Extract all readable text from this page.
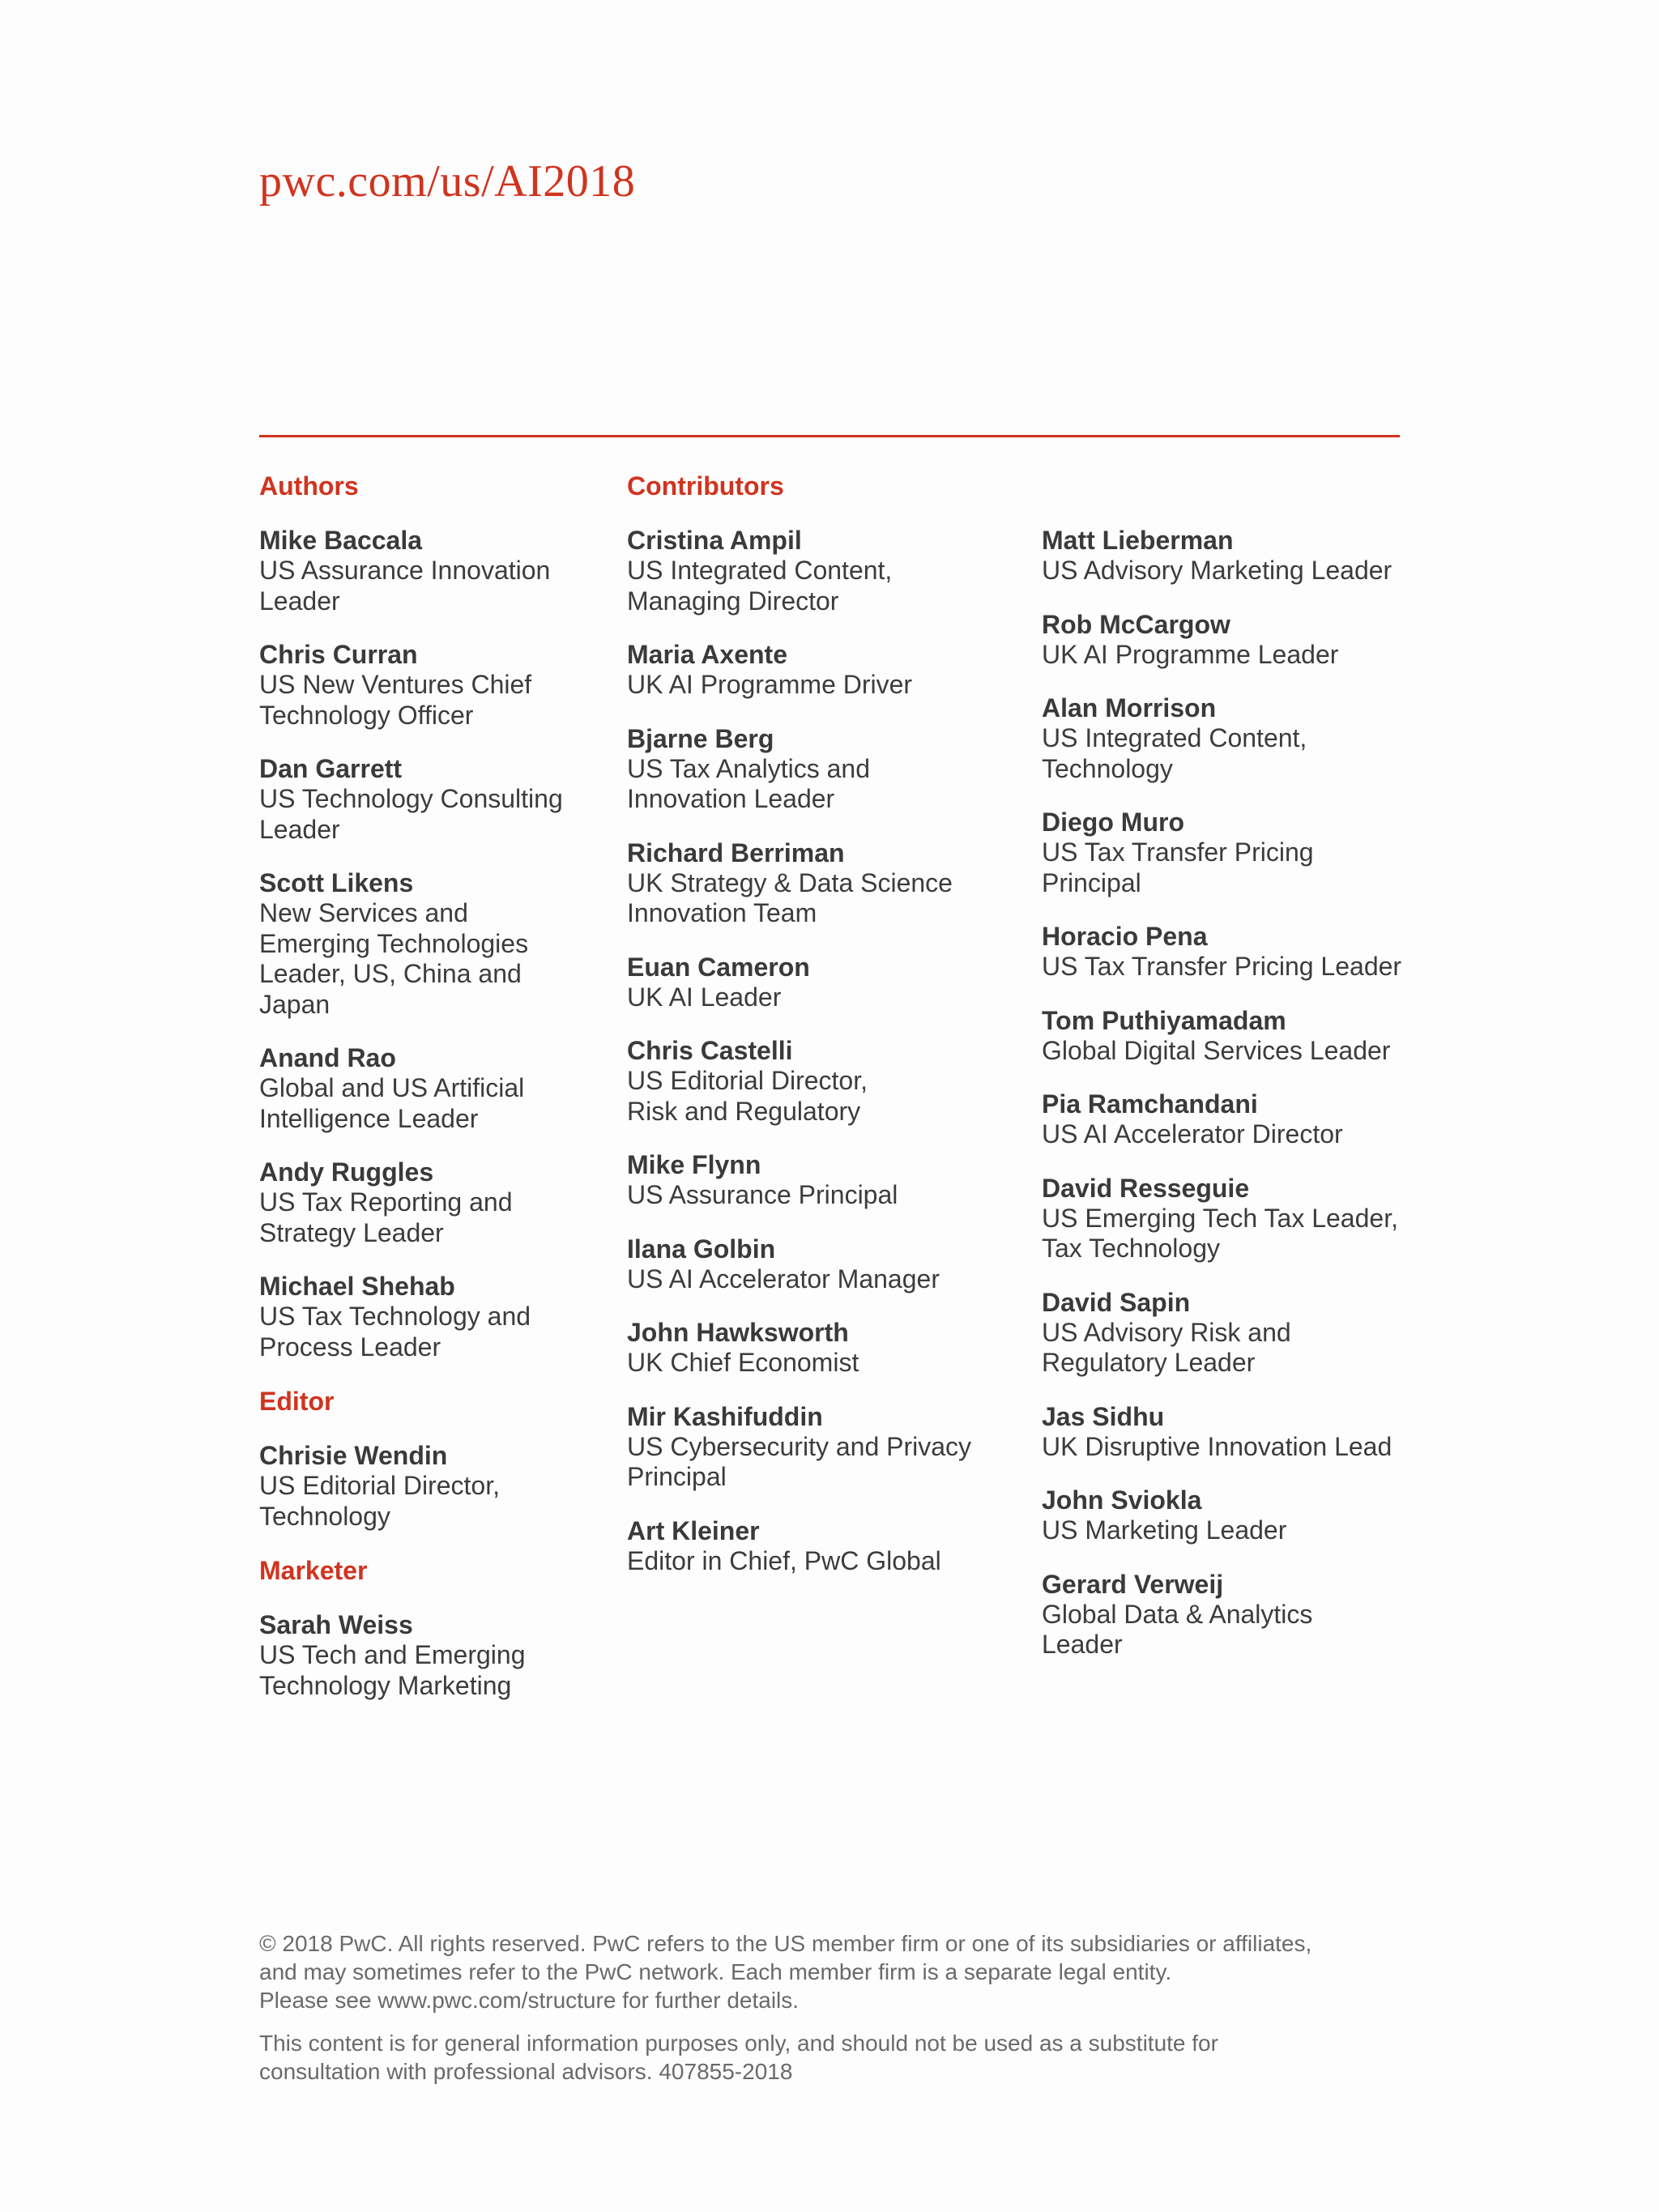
pwc.com/us/AI2018
Authors
Mike Baccala
US Assurance Innovation
Leader
Chris Curran
US New Ventures Chief
Technology Officer
Dan Garrett
US Technology Consulting
Leader
Scott Likens
New Services and
Emerging Technologies
Leader, US, China and
Japan
Anand Rao
Global and US Artificial
Intelligence Leader
Andy Ruggles
US Tax Reporting and
Strategy Leader
Michael Shehab
US Tax Technology and
Process Leader
Editor
Chrisie Wendin
US Editorial Director,
Technology
Marketer
Sarah Weiss
US Tech and Emerging
Technology Marketing
Contributors
Cristina Ampil
US Integrated Content,
Managing Director
Maria Axente
UK AI Programme Driver
Bjarne Berg
US Tax Analytics and
Innovation Leader
Richard Berriman
UK Strategy & Data Science
Innovation Team
Euan Cameron
UK AI Leader
Chris Castelli
US Editorial Director,
Risk and Regulatory
Mike Flynn
US Assurance Principal
Ilana Golbin
US AI Accelerator Manager
John Hawksworth
UK Chief Economist
Mir Kashifuddin
US Cybersecurity and Privacy
Principal
Art Kleiner
Editor in Chief, PwC Global
Matt Lieberman
US Advisory Marketing Leader
Rob McCargow
UK AI Programme Leader
Alan Morrison
US Integrated Content,
Technology
Diego Muro
US Tax Transfer Pricing
Principal
Horacio Pena
US Tax Transfer Pricing Leader
Tom Puthiyamadam
Global Digital Services Leader
Pia Ramchandani
US AI Accelerator Director
David Resseguie
US Emerging Tech Tax Leader,
Tax Technology
David Sapin
US Advisory Risk and
Regulatory Leader
Jas Sidhu
UK Disruptive Innovation Lead
John Sviokla
US Marketing Leader
Gerard Verweij
Global Data & Analytics
Leader

© 2018 PwC. All rights reserved. PwC refers to the US member firm or one of its subsidiaries or affiliates,
and may sometimes refer to the PwC network. Each member firm is a separate legal entity.
Please see www.pwc.com/structure for further details.

This content is for general information purposes only, and should not be used as a substitute for
consultation with professional advisors. 407855-2018
